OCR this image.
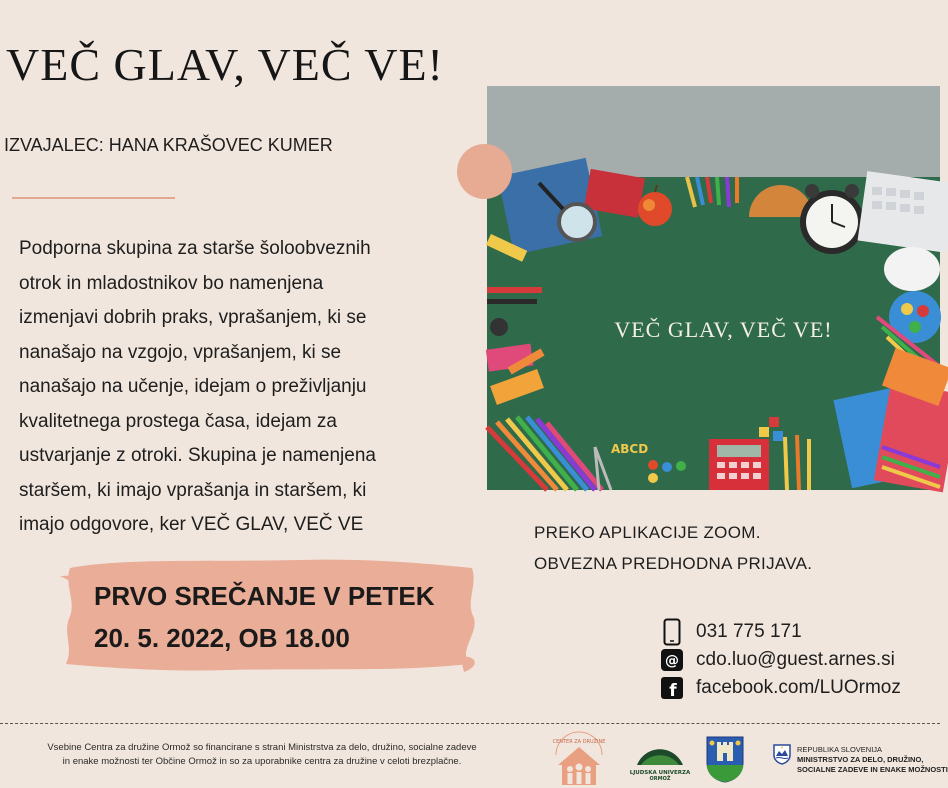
VEČ GLAV, VEČ VE!
IZVAJALEC: HANA KRAŠOVEC KUMER
Podporna skupina za starše šoloobveznih
otrok in mladostnikov bo namenjena
izmenjavi dobrih praks, vprašanjem, ki se
nanašajo na vzgojo, vprašanjem, ki se
nanašajo na učenje, idejam o preživljanju
kvalitetnega prostega časa, idejam za
ustvarjanje z otroki. Skupina je namenjena
staršem, ki imajo vprašanja in staršem, ki
imajo odgovore, ker VEČ GLAV, VEČ VE
ABCD
VEČ GLAV, VEČ VE!
PREKO APLIKACIJE ZOOM.
OBVEZNA PREDHODNA PRIJAVA.
PRVO SREČANJE V PETEK
20. 5. 2022, OB 18.00	031 775 171
@ cdo.luo@guest.arnes.si
f facebook.com/LUOrmoz
Vsebine Centra za družine Ormož so financirane s strani Ministrstva za delo, družino, socialne zadeve
in enake možnosti ter Občine Ormož in so za uporabnike centra za družine v celoti brezplačne.
CENTER ZA DRUŽINE
LJUDSKA UNIVERZA
ORMOŽ
REPUBLIKA SLOVENIJA
MINISTRSTVO ZA DELO, DRUŽINO,
SOCIALNE ZADEVE IN ENAKE MOŽNOSTI
